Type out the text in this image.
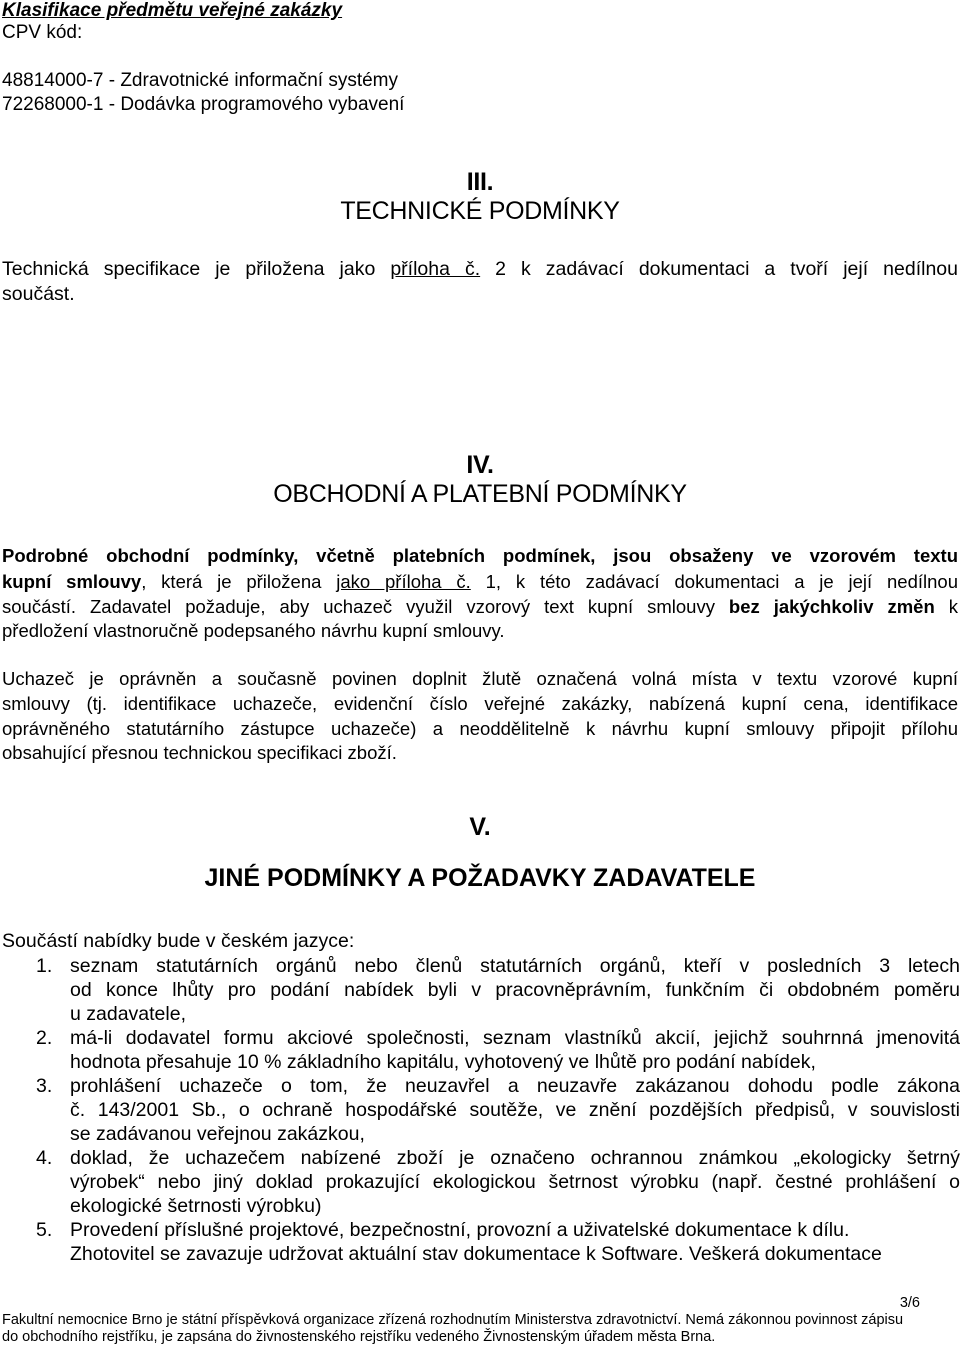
Klasifikace předmětu veřejné zakázky
CPV kód:
48814000-7 - Zdravotnické informační systémy
72268000-1 - Dodávka programového vybavení
III.
TECHNICKÉ PODMÍNKY
Technická specifikace je přiložena jako příloha č. 2 k zadávací dokumentaci a tvoří její nedílnou
součást.
IV.
OBCHODNÍ A PLATEBNÍ PODMÍNKY
Podrobné obchodní podmínky, včetně platebních podmínek, jsou obsaženy ve vzorovém textu
kupní smlouvy, která je přiložena jako příloha č. 1, k této zadávací dokumentaci a je její nedílnou
součástí. Zadavatel požaduje, aby uchazeč využil vzorový text kupní smlouvy bez jakýchkoliv změn k
předložení vlastnoručně podepsaného návrhu kupní smlouvy.
Uchazeč je oprávněn a současně povinen doplnit žlutě označená volná místa v textu vzorové kupní
smlouvy (tj. identifikace uchazeče, evidenční číslo veřejné zakázky, nabízená kupní cena, identifikace
oprávněného statutárního zástupce uchazeče) a neoddělitelně k návrhu kupní smlouvy připojit přílohu
obsahující přesnou technickou specifikaci zboží.
V.
JINÉ PODMÍNKY A POŽADAVKY ZADAVATELE
Součástí nabídky bude v českém jazyce:
1. seznam statutárních orgánů nebo členů statutárních orgánů, kteří v posledních 3 letech
od konce lhůty pro podání nabídek byli v pracovněprávním, funkčním či obdobném poměru
u zadavatele,
2. má-li dodavatel formu akciové společnosti, seznam vlastníků akcií, jejichž souhrnná jmenovitá
hodnota přesahuje 10 % základního kapitálu, vyhotovený ve lhůtě pro podání nabídek,
3. prohlášení uchazeče o tom, že neuzavřel a neuzavře zakázanou dohodu podle zákona
č. 143/2001 Sb., o ochraně hospodářské soutěže, ve znění pozdějších předpisů, v souvislosti
se zadávanou veřejnou zakázkou,
4. doklad, že uchazečem nabízené zboží je označeno ochrannou známkou „ekologicky šetrný
výrobek“ nebo jiný doklad prokazující ekologickou šetrnost výrobku (např. čestné prohlášení o
ekologické šetrnosti výrobku)
5. Provedení příslušné projektové, bezpečnostní, provozní a uživatelské dokumentace k dílu.
Zhotovitel se zavazuje udržovat aktuální stav dokumentace k Software. Veškerá dokumentace
3/6
Fakultní nemocnice Brno je státní příspěvková organizace zřízená rozhodnutím Ministerstva zdravotnictví. Nemá zákonnou povinnost zápisu
do obchodního rejstříku, je zapsána do živnostenského rejstříku vedeného Živnostenským úřadem města Brna.
